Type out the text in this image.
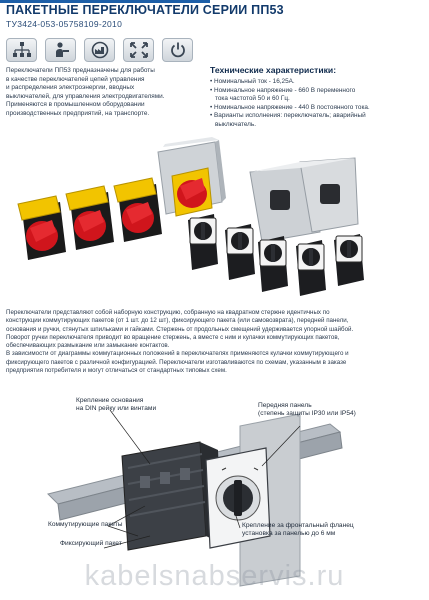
ПАКЕТНЫЕ ПЕРЕКЛЮЧАТЕЛИ СЕРИИ ПП53
ТУ3424-053-05758109-2010
Переключатели ПП53 предназначены для работы
в качестве переключателей цепей управления
и распределения электроэнергии, вводных
выключателей, для управления электродвигателями.
Применяются в промышленном оборудовании
производственных предприятий, на транспорте.
Технические характеристики:
• Номинальный ток - 16,25А.
• Номинальное напряжение - 660 В переменного
тока частотой 50 и 60 Гц.
• Номинальное напряжение - 440 В постоянного тока.
• Варианты исполнения: переключатель; аварийный
выключатель.
Переключатели представляют собой наборную конструкцию, собранную на квадратном стержне идентичных по
конструкции коммутирующих пакетов (от 1 шт. до 12 шт), фиксирующего пакета (или самовозврата), передней панели,
основания и ручки, стянутых шпильками и гайками. Стержень от продольных смещений удерживается упорной шайбой.
Поворот ручки переключателя приводит во вращение стержень, а вместе с ним и кулачки коммутирующих пакетов,
обеспечивающих размыкание или замыкание контактов.
В зависимости от диаграммы коммутационных положений в переключателях применяются кулачки коммутирующего и
фиксирующего пакетов с различной конфигурацией. Переключатели изготавливаются по схемам, указанным в заказе
предприятия потребителя и могут отличаться от стандартных типовых схем.
Крепление основания
на DIN рейку или винтами	Передняя панель
(степень защиты IP30 или IP54)
Коммутирующие пакеты
Фиксирующий пакет
Крепление за фронтальный фланец
установка за панелью до 6 мм
kabelsnabservis.ru
